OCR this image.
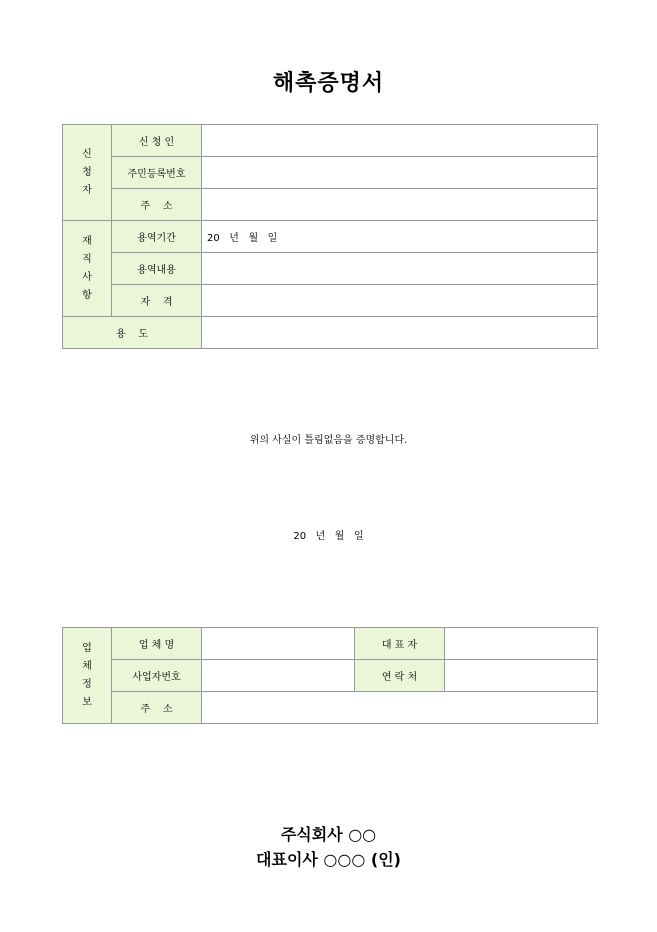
해촉증명서
신
청
자	신 청 인	
	주민등록번호	
	주    소	

재
직
사
항	용역기간	20   년   월   일
	용역내용	
	자    격	
용    도		
위의 사실이 틀림없음을 증명합니다.
20   년   월   일
업
체
정
보	업 체 명		대 표 자	
	사업자번호		연 락 처	
	주    소			
주식회사 ○○
대표이사 ○○○ (인)
